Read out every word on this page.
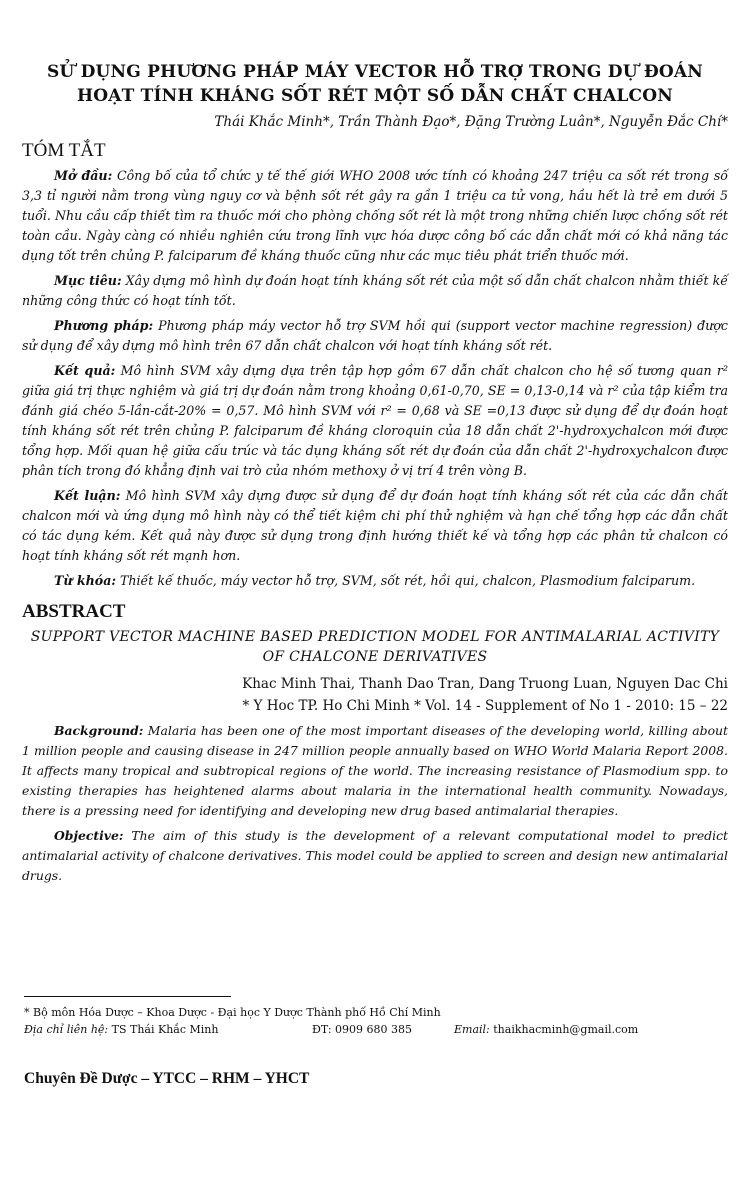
SỬ DỤNG PHƯƠNG PHÁP MÁY VECTOR HỖ TRỢ TRONG DỰ ĐOÁN
HOẠT TÍNH KHÁNG SỐT RÉT MỘT SỐ DẪN CHẤT CHALCON

Thái Khắc Minh*, Trần Thành Đạo*, Đặng Trường Luân*, Nguyễn Đắc Chí*
TÓM TẮT

Mở đầu: Công bố của tổ chức y tế thế giới WHO 2008 ước tính có khoảng 247 triệu ca sốt rét trong số 3,3 tỉ người nằm trong vùng nguy cơ và bệnh sốt rét gây ra gần 1 triệu ca tử vong, hầu hết là trẻ em dưới 5 tuổi. Nhu cầu cấp thiết tìm ra thuốc mới cho phòng chống sốt rét là một trong những chiến lược chống sốt rét toàn cầu. Ngày càng có nhiều nghiên cứu trong lĩnh vực hóa dược công bố các dẫn chất mới có khả năng tác dụng tốt trên chủng P. falciparum đề kháng thuốc cũng như các mục tiêu phát triển thuốc mới.

Mục tiêu: Xây dựng mô hình dự đoán hoạt tính kháng sốt rét của một số dẫn chất chalcon nhằm thiết kế những công thức có hoạt tính tốt.

Phương pháp: Phương pháp máy vector hỗ trợ SVM hồi qui (support vector machine regression) được sử dụng để xây dựng mô hình trên 67 dẫn chất chalcon với hoạt tính kháng sốt rét.

Kết quả: Mô hình SVM xây dựng dựa trên tập hợp gồm 67 dẫn chất chalcon cho hệ số tương quan r² giữa giá trị thực nghiệm và giá trị dự đoán nằm trong khoảng 0,61-0,70, SE = 0,13-0,14 và r² của tập kiểm tra đánh giá chéo 5-lần-cắt-20% = 0,57. Mô hình SVM với r² = 0,68 và SE =0,13 được sử dụng để dự đoán hoạt tính kháng sốt rét trên chủng P. falciparum đề kháng cloroquin của 18 dẫn chất 2'-hydroxychalcon mới được tổng hợp. Mối quan hệ giữa cấu trúc và tác dụng kháng sốt rét dự đoán của dẫn chất 2'-hydroxychalcon được phân tích trong đó khẳng định vai trò của nhóm methoxy ở vị trí 4 trên vòng B.

Kết luận: Mô hình SVM xây dựng được sử dụng để dự đoán hoạt tính kháng sốt rét của các dẫn chất chalcon mới và ứng dụng mô hình này có thể tiết kiệm chi phí thử nghiệm và hạn chế tổng hợp các dẫn chất có tác dụng kém. Kết quả này được sử dụng trong định hướng thiết kế và tổng hợp các phân tử chalcon có hoạt tính kháng sốt rét mạnh hơn.

Từ khóa: Thiết kế thuốc, máy vector hỗ trợ, SVM, sốt rét, hồi qui, chalcon, Plasmodium falciparum.

ABSTRACT
SUPPORT VECTOR MACHINE BASED PREDICTION MODEL FOR ANTIMALARIAL ACTIVITY OF CHALCONE DERIVATIVES
Khac Minh Thai, Thanh Dao Tran, Dang Truong Luan, Nguyen Dac Chi
* Y Hoc TP. Ho Chi Minh * Vol. 14 - Supplement of No 1 - 2010: 15 – 22

Background: Malaria has been one of the most important diseases of the developing world, killing about 1 million people and causing disease in 247 million people annually based on WHO World Malaria Report 2008. It affects many tropical and subtropical regions of the world. The increasing resistance of Plasmodium spp. to existing therapies has heightened alarms about malaria in the international health community. Nowadays, there is a pressing need for identifying and developing new drug based antimalarial therapies.

Objective: The aim of this study is the development of a relevant computational model to predict antimalarial activity of chalcone derivatives. This model could be applied to screen and design new antimalarial drugs.

* Bộ môn Hóa Dược – Khoa Dược - Đại học Y Dược Thành phố Hồ Chí Minh
Địa chỉ liên hệ: TS Thái Khắc Minh	ĐT: 0909 680 385	Email: thaikhacminh@gmail.com
Chuyên Đề Dược – YTCC – RHM – YHCT
